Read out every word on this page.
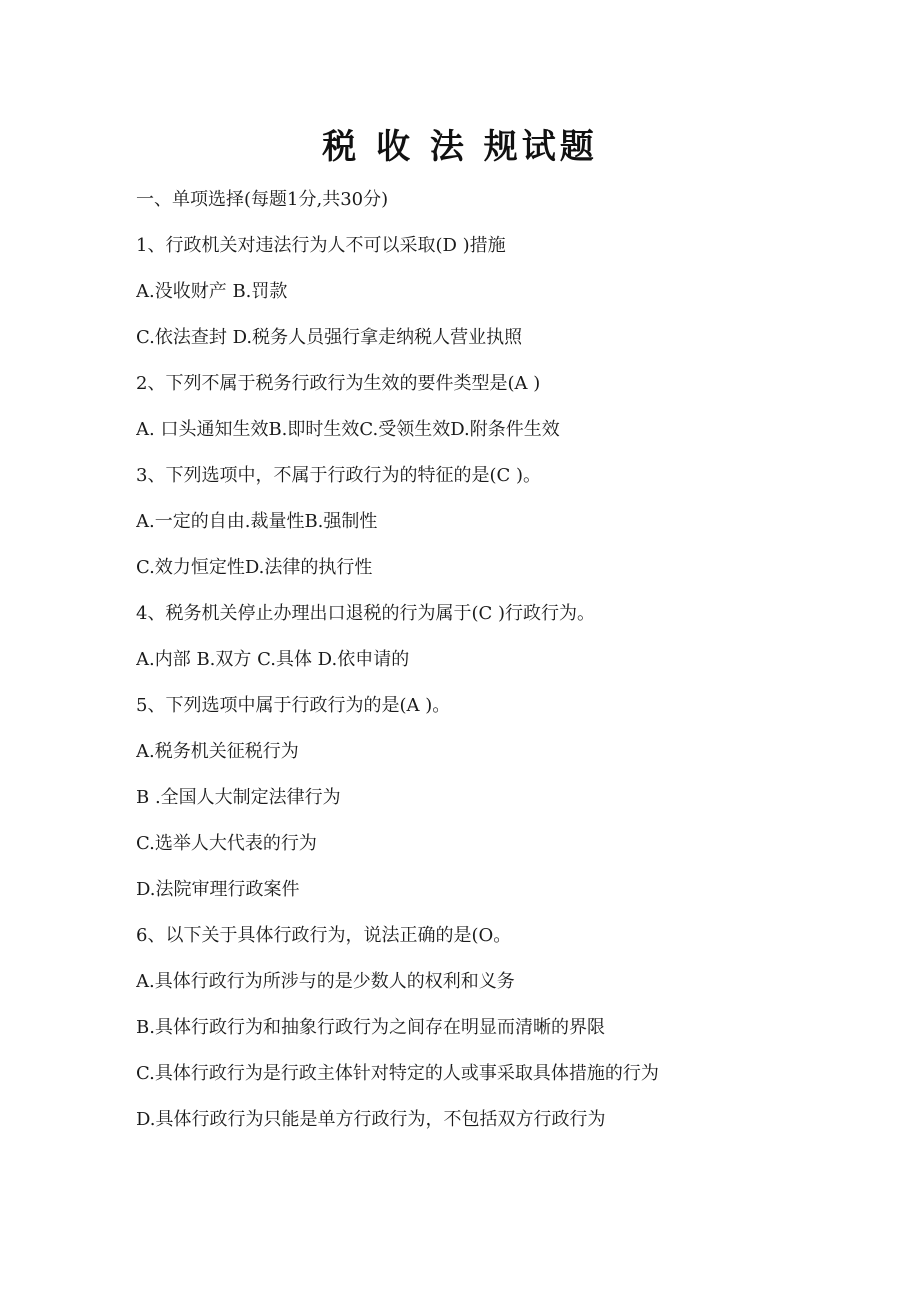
税 收 法 规试题
一、单项选择(每题1分,共30分)
1、行政机关对违法行为人不可以采取(D )措施
A.没收财产 B.罚款
C.依法查封 D.税务人员强行拿走纳税人营业执照
2、下列不属于税务行政行为生效的要件类型是(A )
A. 口头通知生效B.即时生效C.受领生效D.附条件生效
3、下列选项中，不属于行政行为的特征的是(C )。
A.一定的自由.裁量性B.强制性
C.效力恒定性D.法律的执行性
4、税务机关停止办理出口退税的行为属于(C )行政行为。
A.内部 B.双方 C.具体 D.依申请的
5、下列选项中属于行政行为的是(A )。
A.税务机关征税行为
B .全国人大制定法律行为
C.选举人大代表的行为
D.法院审理行政案件
6、以下关于具体行政行为，说法正确的是(O。
A.具体行政行为所涉与的是少数人的权利和义务
B.具体行政行为和抽象行政行为之间存在明显而清晰的界限
C.具体行政行为是行政主体针对特定的人或事采取具体措施的行为
D.具体行政行为只能是单方行政行为，不包括双方行政行为
